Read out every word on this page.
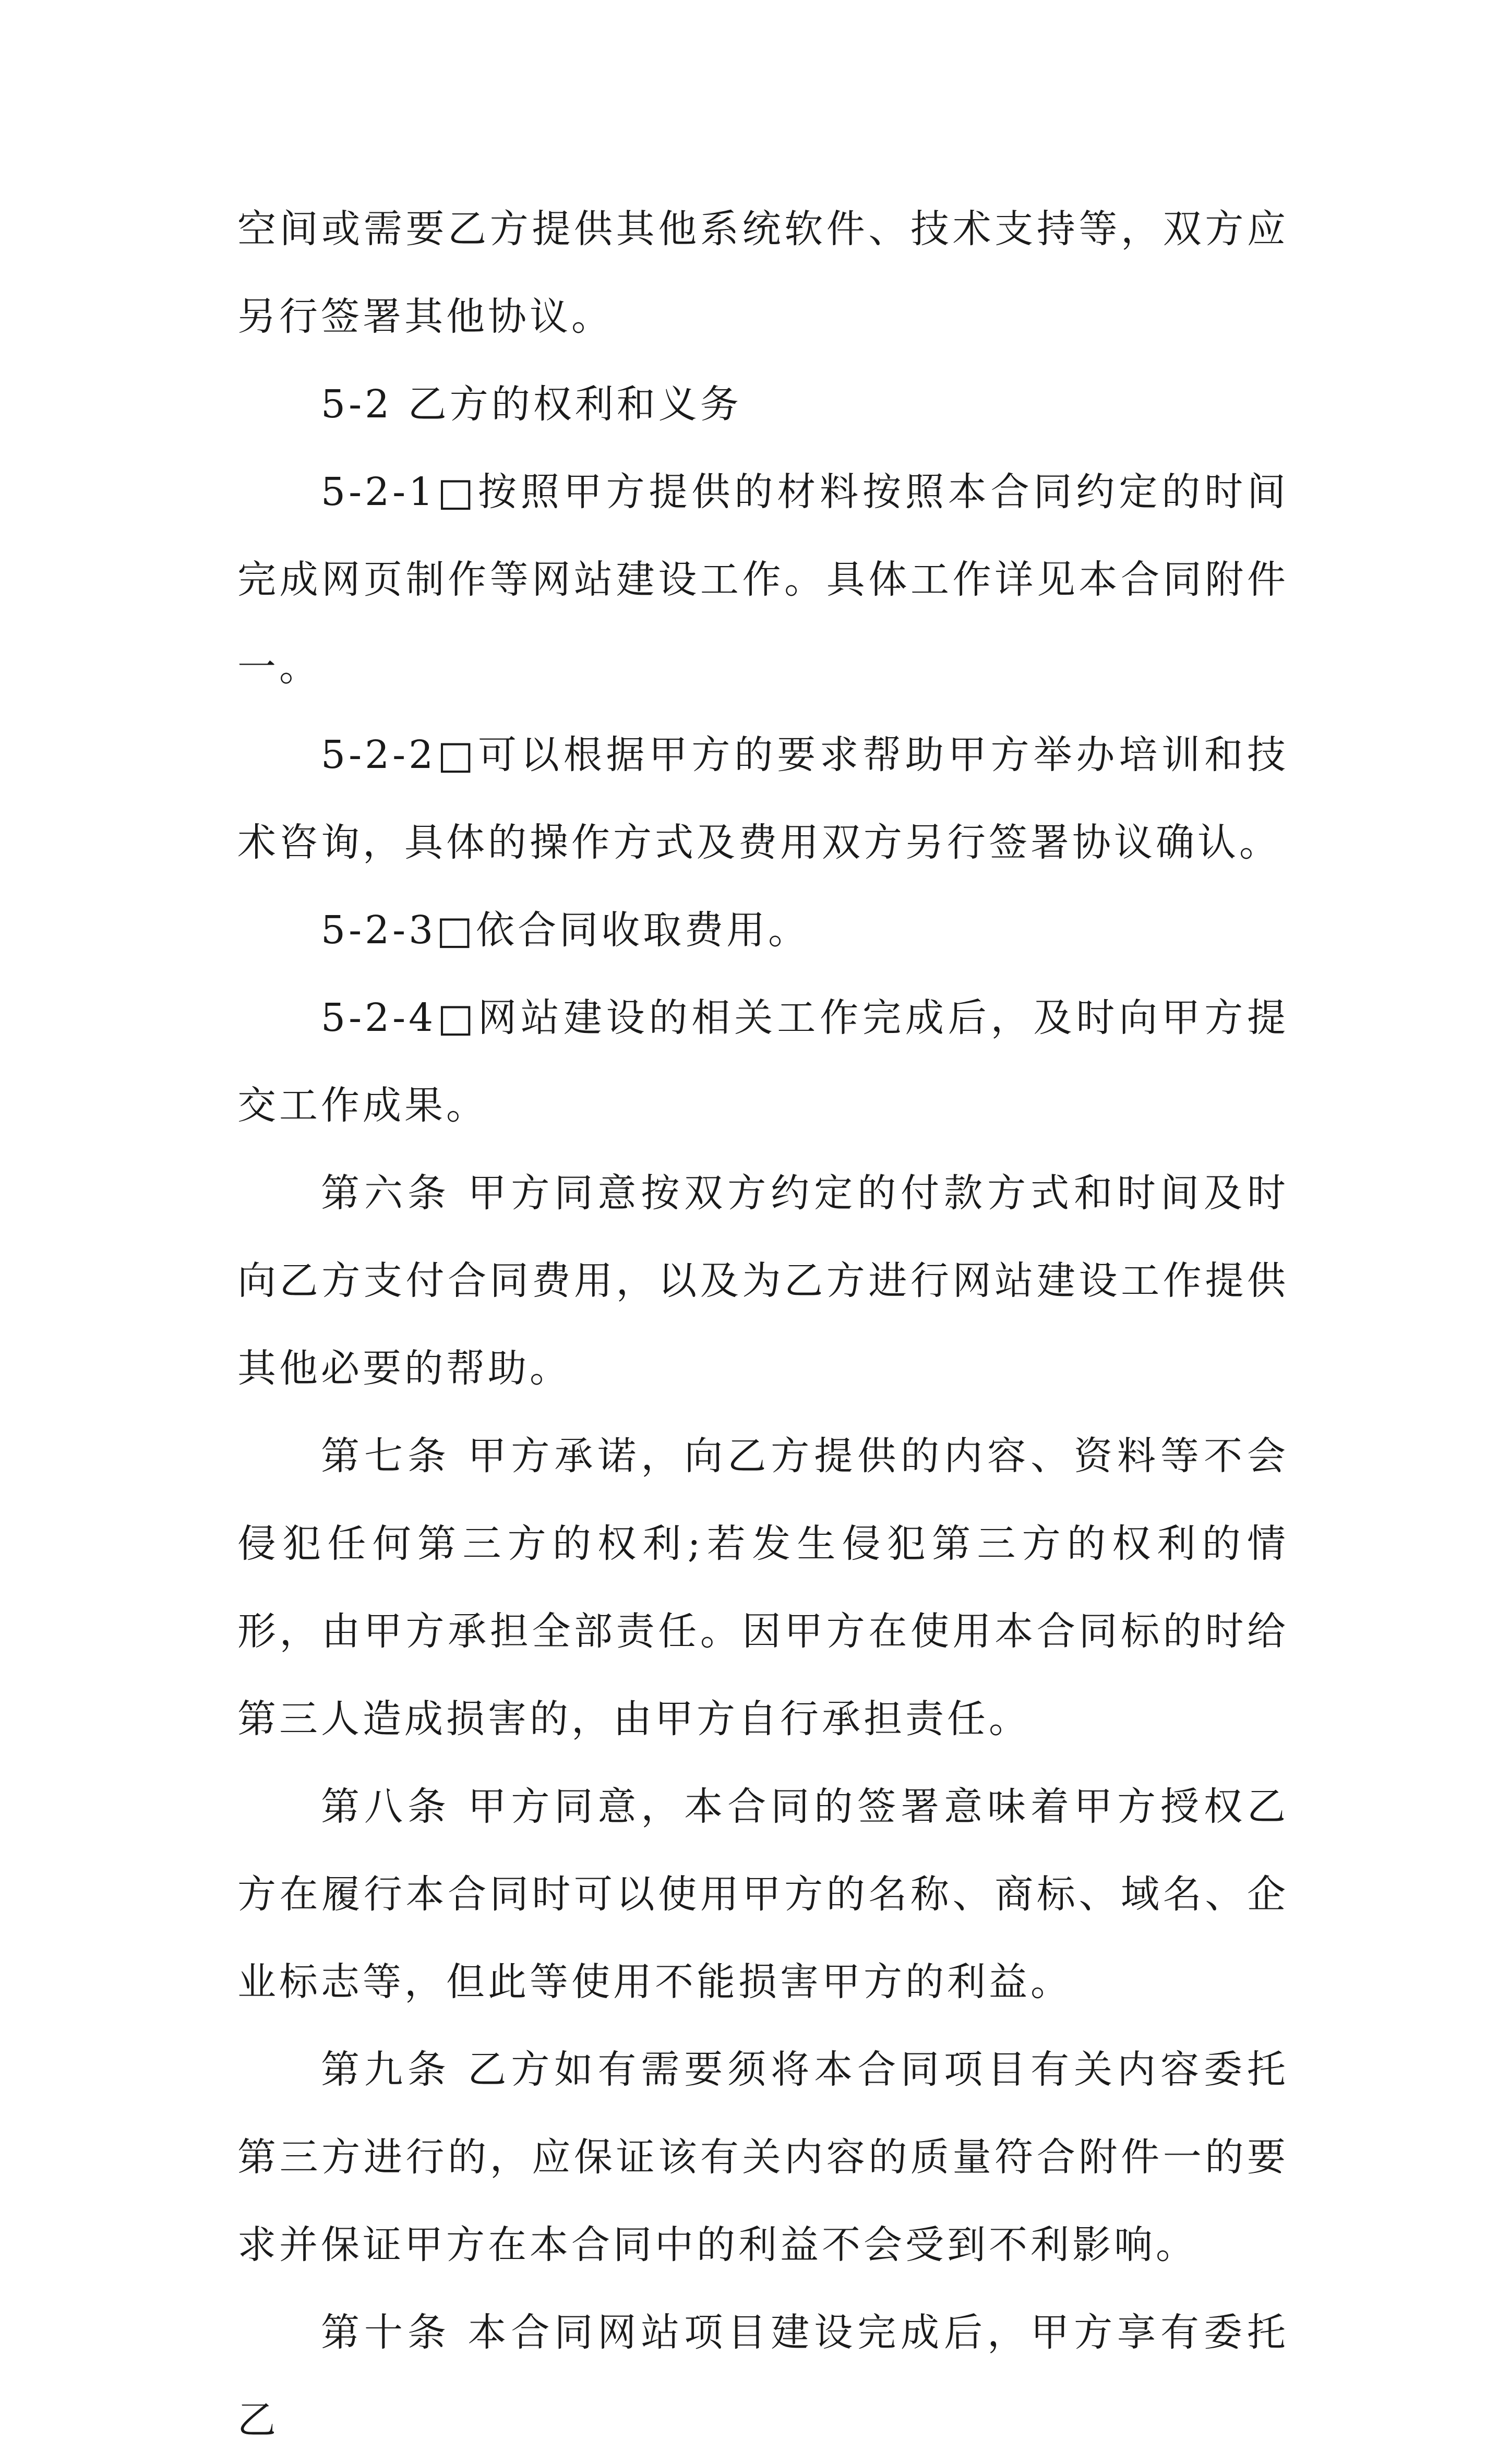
空间或需要乙方提供其他系统软件、技术支持等，双方应另行签署其他协议。

5-2 乙方的权利和义务

5-2-1□按照甲方提供的材料按照本合同约定的时间完成网页制作等网站建设工作。具体工作详见本合同附件一。

5-2-2□可以根据甲方的要求帮助甲方举办培训和技术咨询，具体的操作方式及费用双方另行签署协议确认。

5-2-3□依合同收取费用。

5-2-4□网站建设的相关工作完成后，及时向甲方提交工作成果。

第六条 甲方同意按双方约定的付款方式和时间及时向乙方支付合同费用，以及为乙方进行网站建设工作提供其他必要的帮助。

第七条 甲方承诺，向乙方提供的内容、资料等不会侵犯任何第三方的权利;若发生侵犯第三方的权利的情形，由甲方承担全部责任。因甲方在使用本合同标的时给第三人造成损害的，由甲方自行承担责任。

第八条 甲方同意，本合同的签署意味着甲方授权乙方在履行本合同时可以使用甲方的名称、商标、域名、企业标志等，但此等使用不能损害甲方的利益。

第九条 乙方如有需要须将本合同项目有关内容委托第三方进行的，应保证该有关内容的质量符合附件一的要求并保证甲方在本合同中的利益不会受到不利影响。

第十条 本合同网站项目建设完成后，甲方享有委托乙
